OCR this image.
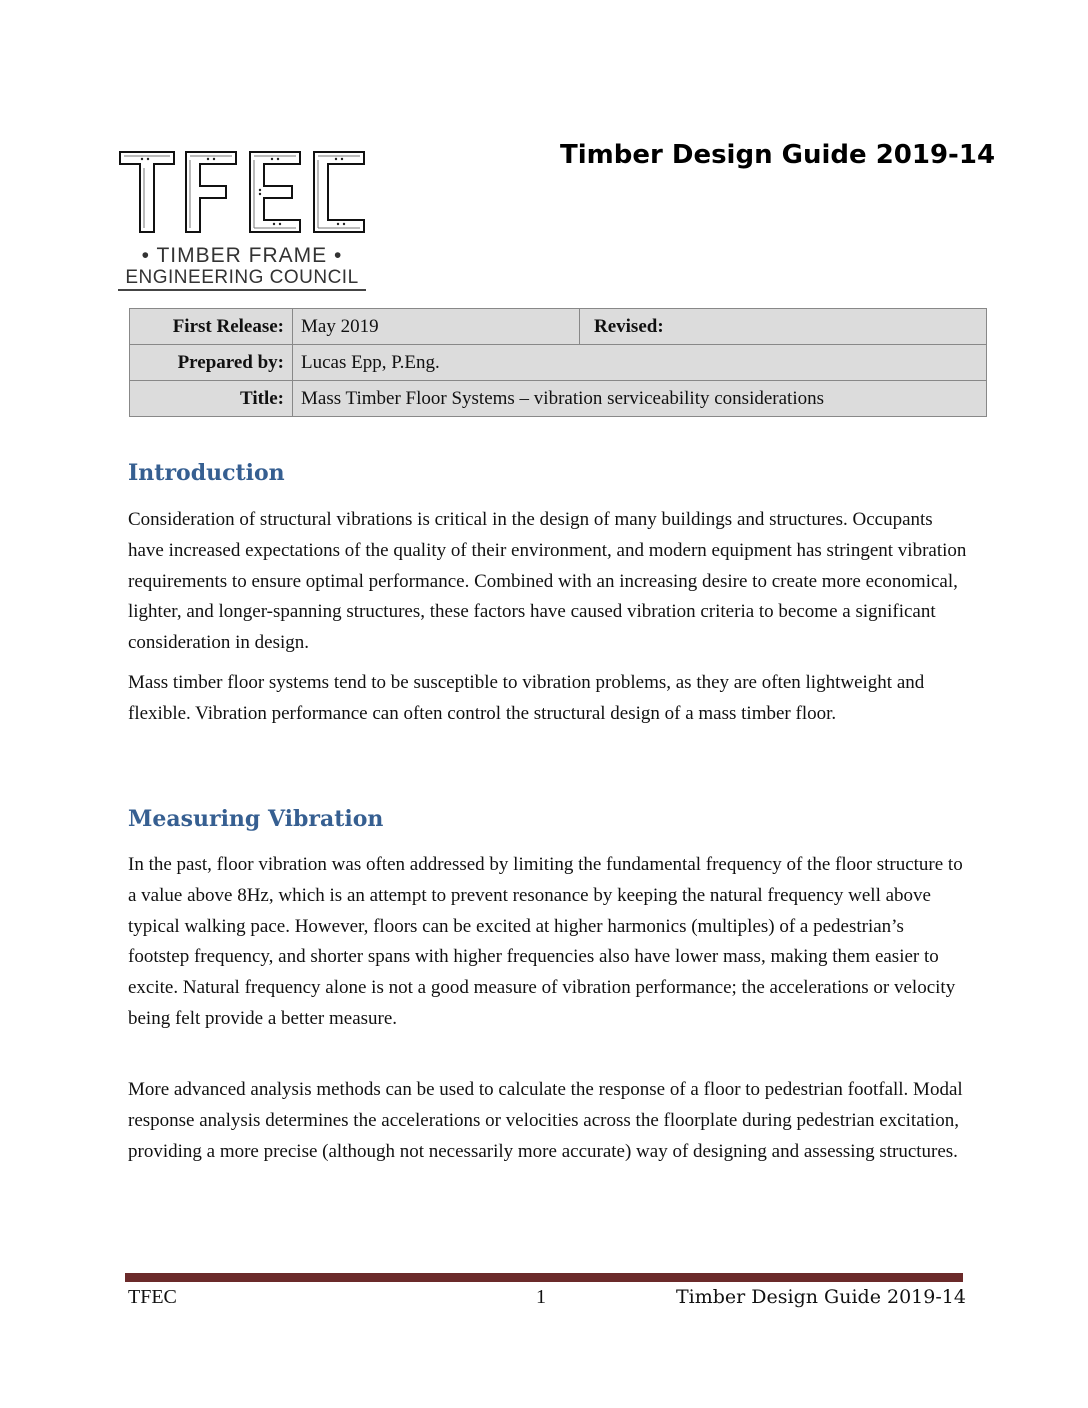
• TIMBER FRAME •
ENGINEERING COUNCIL
Timber Design Guide 2019-14
First Release:	May 2019	Revised:
Prepared by:	Lucas Epp, P.Eng.	
Title:	Mass Timber Floor Systems – vibration serviceability considerations	
Introduction

Consideration of structural vibrations is critical in the design of many buildings and structures. Occupants have increased expectations of the quality of their environment, and modern equipment has stringent vibration requirements to ensure optimal performance. Combined with an increasing desire to create more economical, lighter, and longer-spanning structures, these factors have caused vibration criteria to become a significant consideration in design.

Mass timber floor systems tend to be susceptible to vibration problems, as they are often lightweight and flexible. Vibration performance can often control the structural design of a mass timber floor.

Measuring Vibration

In the past, floor vibration was often addressed by limiting the fundamental frequency of the floor structure to a value above 8Hz, which is an attempt to prevent resonance by keeping the natural frequency well above typical walking pace. However, floors can be excited at higher harmonics (multiples) of a pedestrian’s footstep frequency, and shorter spans with higher frequencies also have lower mass, making them easier to excite. Natural frequency alone is not a good measure of vibration performance; the accelerations or velocity being felt provide a better measure.

More advanced analysis methods can be used to calculate the response of a floor to pedestrian footfall. Modal response analysis determines the accelerations or velocities across the floorplate during pedestrian excitation, providing a more precise (although not necessarily more accurate) way of designing and assessing structures.

TFEC	1	Timber Design Guide 2019-14
